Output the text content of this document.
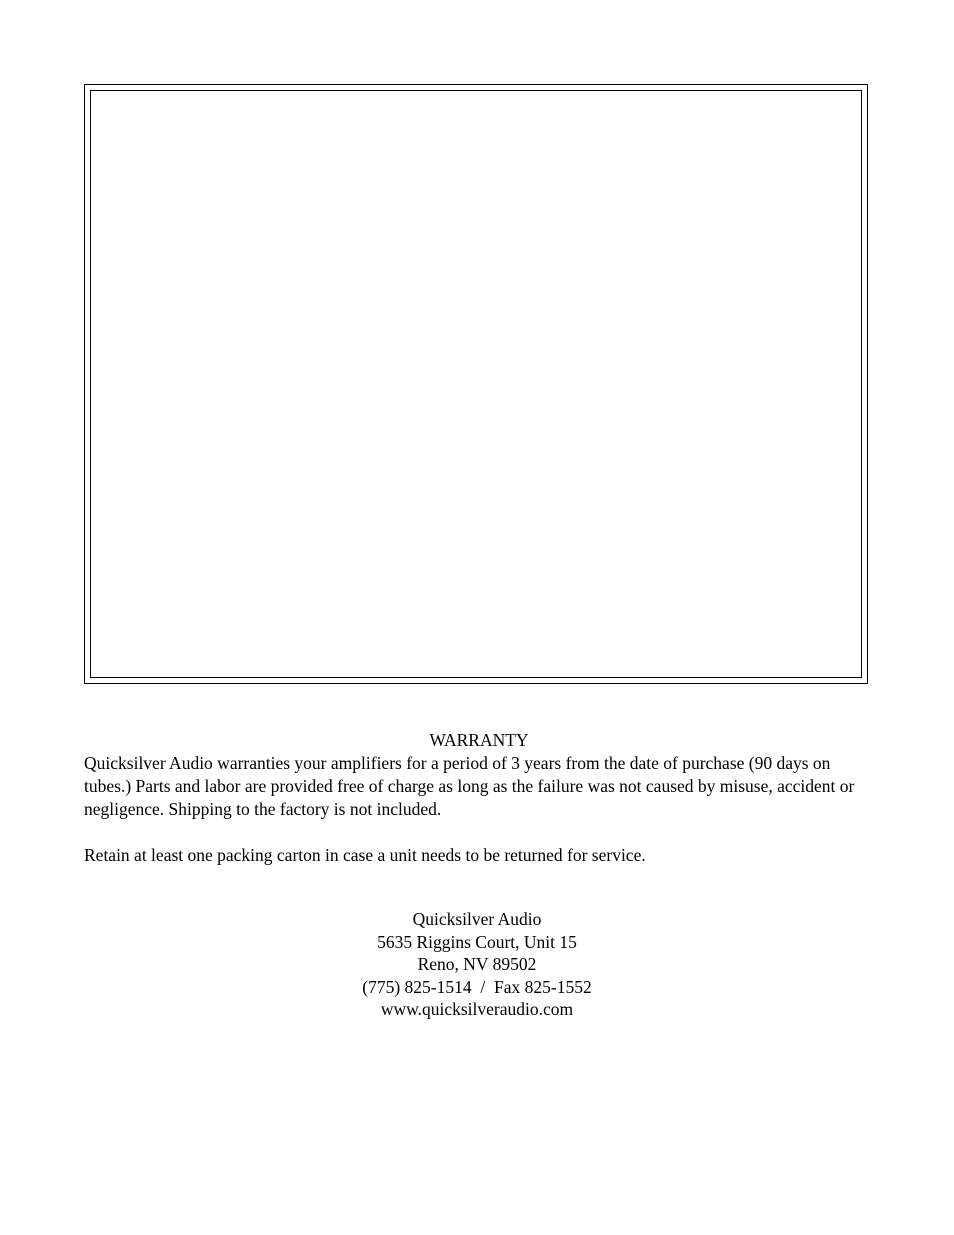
WARRANTY

Quicksilver Audio warranties your amplifiers for a period of 3 years from the date of purchase (90 days on tubes.) Parts and labor are provided free of charge as long as the failure was not caused by misuse, accident or negligence. Shipping to the factory is not included.

Retain at least one packing carton in case a unit needs to be returned for service.

Quicksilver Audio
5635 Riggins Court, Unit 15
Reno, NV 89502
(775) 825-1514  /  Fax 825-1552
www.quicksilveraudio.com
